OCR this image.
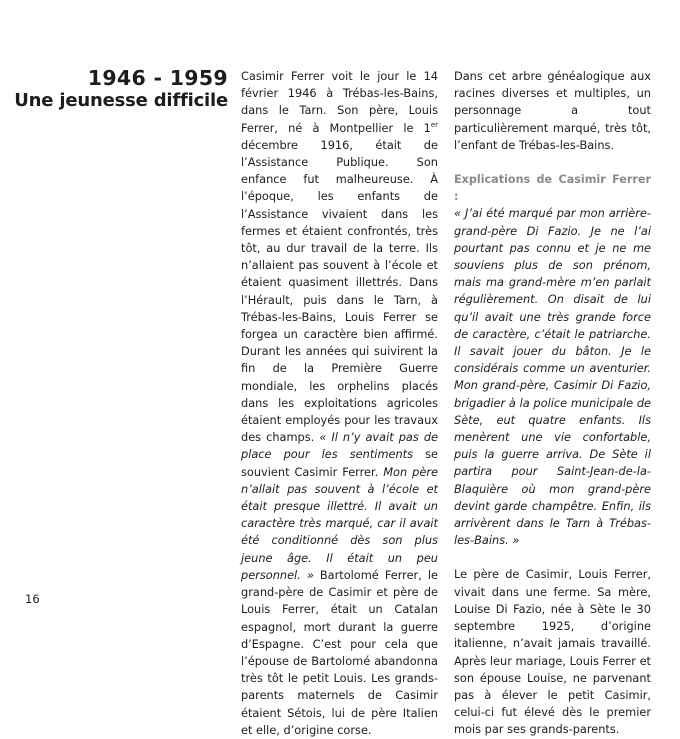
1946 - 1959
Une jeunesse difficile

Casimir Ferrer voit le jour le 14 février 1946 à Trébas-les-Bains, dans le Tarn. Son père, Louis Ferrer, né à Montpellier le 1er décembre 1916, était de l’Assistance Publique. Son enfance fut malheureuse. À l’époque, les enfants de l’Assistance vivaient dans les fermes et étaient confrontés, très tôt, au dur travail de la terre. Ils n’allaient pas souvent à l’école et étaient quasiment illettrés. Dans l’Hérault, puis dans le Tarn, à Trébas-les-Bains, Louis Ferrer se forgea un caractère bien affirmé. Durant les années qui suivirent la fin de la Première Guerre mondiale, les orphelins placés dans les exploitations agricoles étaient employés pour les travaux des champs. « Il n’y avait pas de place pour les sentiments se souvient Casimir Ferrer. Mon père n’allait pas souvent à l’école et était presque illettré. Il avait un caractère très marqué, car il avait été conditionné dès son plus jeune âge. Il était un peu personnel. » Bartolomé Ferrer, le grand-père de Casimir et père de Louis Ferrer, était un Catalan espagnol, mort durant la guerre d’Espagne. C’est pour cela que l’épouse de Bartolomé abandonna très tôt le petit Louis. Les grands-parents maternels de Casimir étaient Sétois, lui de père Italien et elle, d’origine corse.

Dans cet arbre généalogique aux racines diverses et multiples, un personnage a tout particulièrement marqué, très tôt, l’enfant de Trébas-les-Bains.

Explications de Casimir Ferrer :

« J’ai été marqué par mon arrière-grand-père Di Fazio. Je ne l’ai pourtant pas connu et je ne me souviens plus de son prénom, mais ma grand-mère m’en parlait régulièrement. On disait de lui qu’il avait une très grande force de caractère, c’était le patriarche. Il savait jouer du bâton. Je le considérais comme un aventurier. Mon grand-père, Casimir Di Fazio, brigadier à la police municipale de Sète, eut quatre enfants. Ils menèrent une vie confortable, puis la guerre arriva. De Sète il partira pour Saint-Jean-de-la-Blaquière où mon grand-père devint garde champêtre. Enfin, ils arrivèrent dans le Tarn à Trébas-les-Bains. »

Le père de Casimir, Louis Ferrer, vivait dans une ferme. Sa mère, Louise Di Fazio, née à Sète le 30 septembre 1925, d’origine italienne, n’avait jamais travaillé. Après leur mariage, Louis Ferrer et son épouse Louise, ne parvenant pas à élever le petit Casimir, celui-ci fut élevé dès le premier mois par ses grands-parents.

16
